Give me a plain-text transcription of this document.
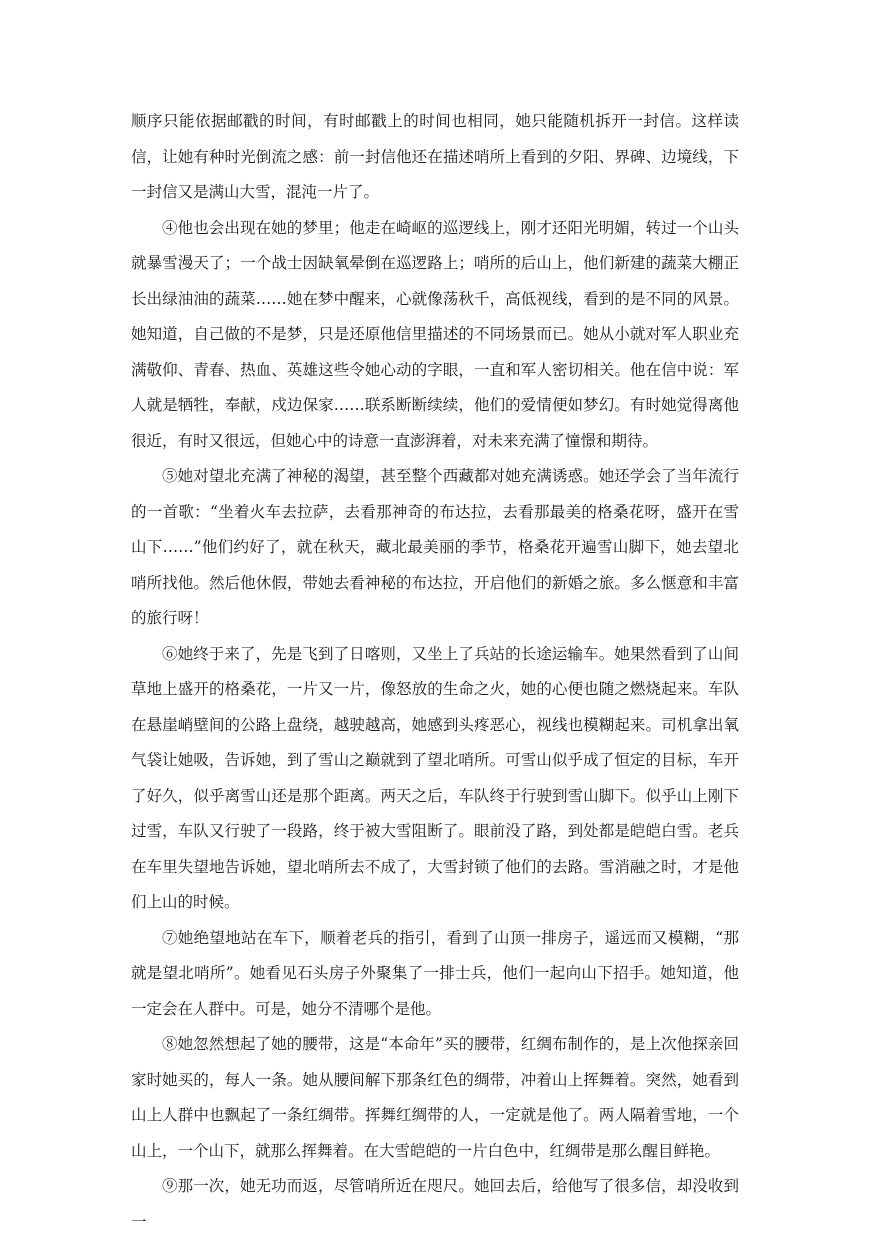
顺序只能依据邮戳的时间，有时邮戳上的时间也相同，她只能随机拆开一封信。这样读信，让她有种时光倒流之感：前一封信他还在描述哨所上看到的夕阳、界碑、边境线，下一封信又是满山大雪，混沌一片了。

④他也会出现在她的梦里；他走在崎岖的巡逻线上，刚才还阳光明媚，转过一个山头就暴雪漫天了；一个战士因缺氧晕倒在巡逻路上；哨所的后山上，他们新建的蔬菜大棚正长出绿油油的蔬菜……她在梦中醒来，心就像荡秋千，高低视线，看到的是不同的风景。她知道，自己做的不是梦，只是还原他信里描述的不同场景而已。她从小就对军人职业充满敬仰、青春、热血、英雄这些令她心动的字眼，一直和军人密切相关。他在信中说：军人就是牺牲，奉献，戍边保家……联系断断续续，他们的爱情便如梦幻。有时她觉得离他很近，有时又很远，但她心中的诗意一直澎湃着，对未来充满了憧憬和期待。

⑤她对望北充满了神秘的渴望，甚至整个西藏都对她充满诱惑。她还学会了当年流行的一首歌：“坐着火车去拉萨，去看那神奇的布达拉，去看那最美的格桑花呀，盛开在雪山下……”他们约好了，就在秋天，藏北最美丽的季节，格桑花开遍雪山脚下，她去望北哨所找他。然后他休假，带她去看神秘的布达拉，开启他们的新婚之旅。多么惬意和丰富的旅行呀！

⑥她终于来了，先是飞到了日喀则，又坐上了兵站的长途运输车。她果然看到了山间草地上盛开的格桑花，一片又一片，像怒放的生命之火，她的心便也随之燃烧起来。车队在悬崖峭壁间的公路上盘绕，越驶越高，她感到头疼恶心，视线也模糊起来。司机拿出氧气袋让她吸，告诉她，到了雪山之巅就到了望北哨所。可雪山似乎成了恒定的目标，车开了好久，似乎离雪山还是那个距离。两天之后，车队终于行驶到雪山脚下。似乎山上刚下过雪，车队又行驶了一段路，终于被大雪阻断了。眼前没了路，到处都是皑皑白雪。老兵在车里失望地告诉她，望北哨所去不成了，大雪封锁了他们的去路。雪消融之时，才是他们上山的时候。

⑦她绝望地站在车下，顺着老兵的指引，看到了山顶一排房子，遥远而又模糊，“那就是望北哨所”。她看见石头房子外聚集了一排士兵，他们一起向山下招手。她知道，他一定会在人群中。可是，她分不清哪个是他。

⑧她忽然想起了她的腰带，这是“本命年”买的腰带，红绸布制作的，是上次他探亲回家时她买的，每人一条。她从腰间解下那条红色的绸带，冲着山上挥舞着。突然，她看到山上人群中也飘起了一条红绸带。挥舞红绸带的人，一定就是他了。两人隔着雪地，一个山上，一个山下，就那么挥舞着。在大雪皑皑的一片白色中，红绸带是那么醒目鲜艳。

⑨那一次，她无功而返，尽管哨所近在咫尺。她回去后，给他写了很多信，却没收到一
